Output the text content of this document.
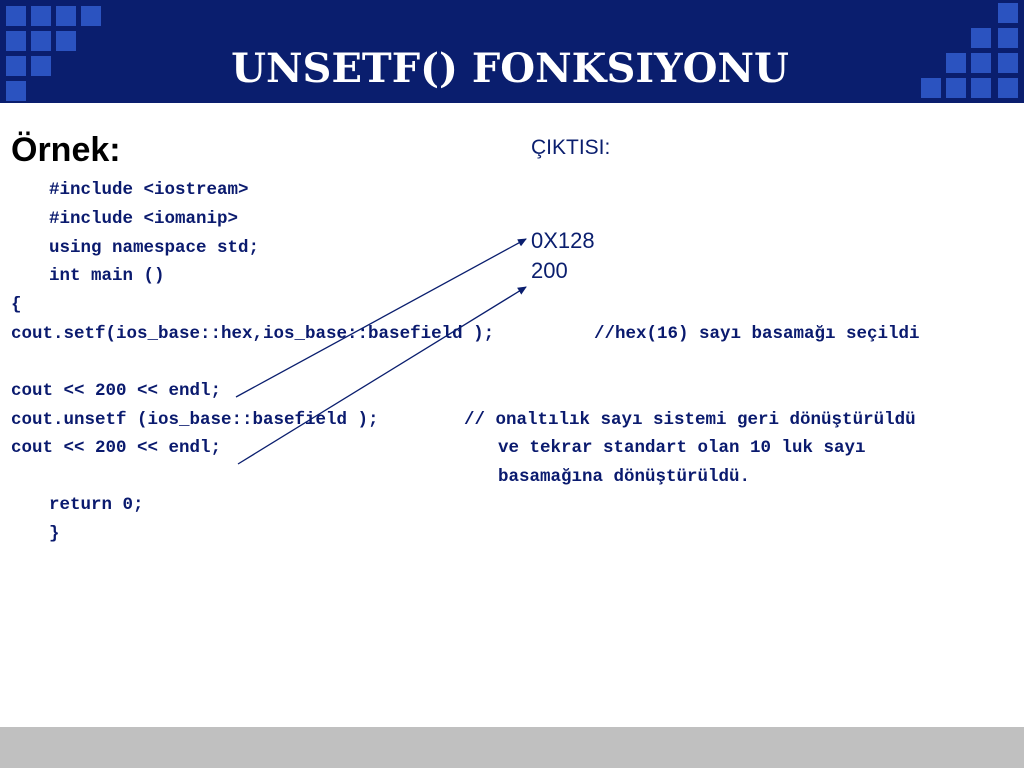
UNSETF() FONKSIYONU
Örnek:
#include <iostream>
#include <iomanip>
using namespace std;
int main ()
{
cout.setf(ios_base::hex,ios_base::basefield );	//hex(16) sayı basamağı seçildi
cout << 200 << endl;
cout.unsetf (ios_base::basefield );	// onaltılık sayı sistemi geri dönüştürüldü
cout << 200 << endl;	ve tekrar standart olan 10 luk sayı
basamağına dönüştürüldü.
return 0;
}
ÇIKTISI:
0X128
200
